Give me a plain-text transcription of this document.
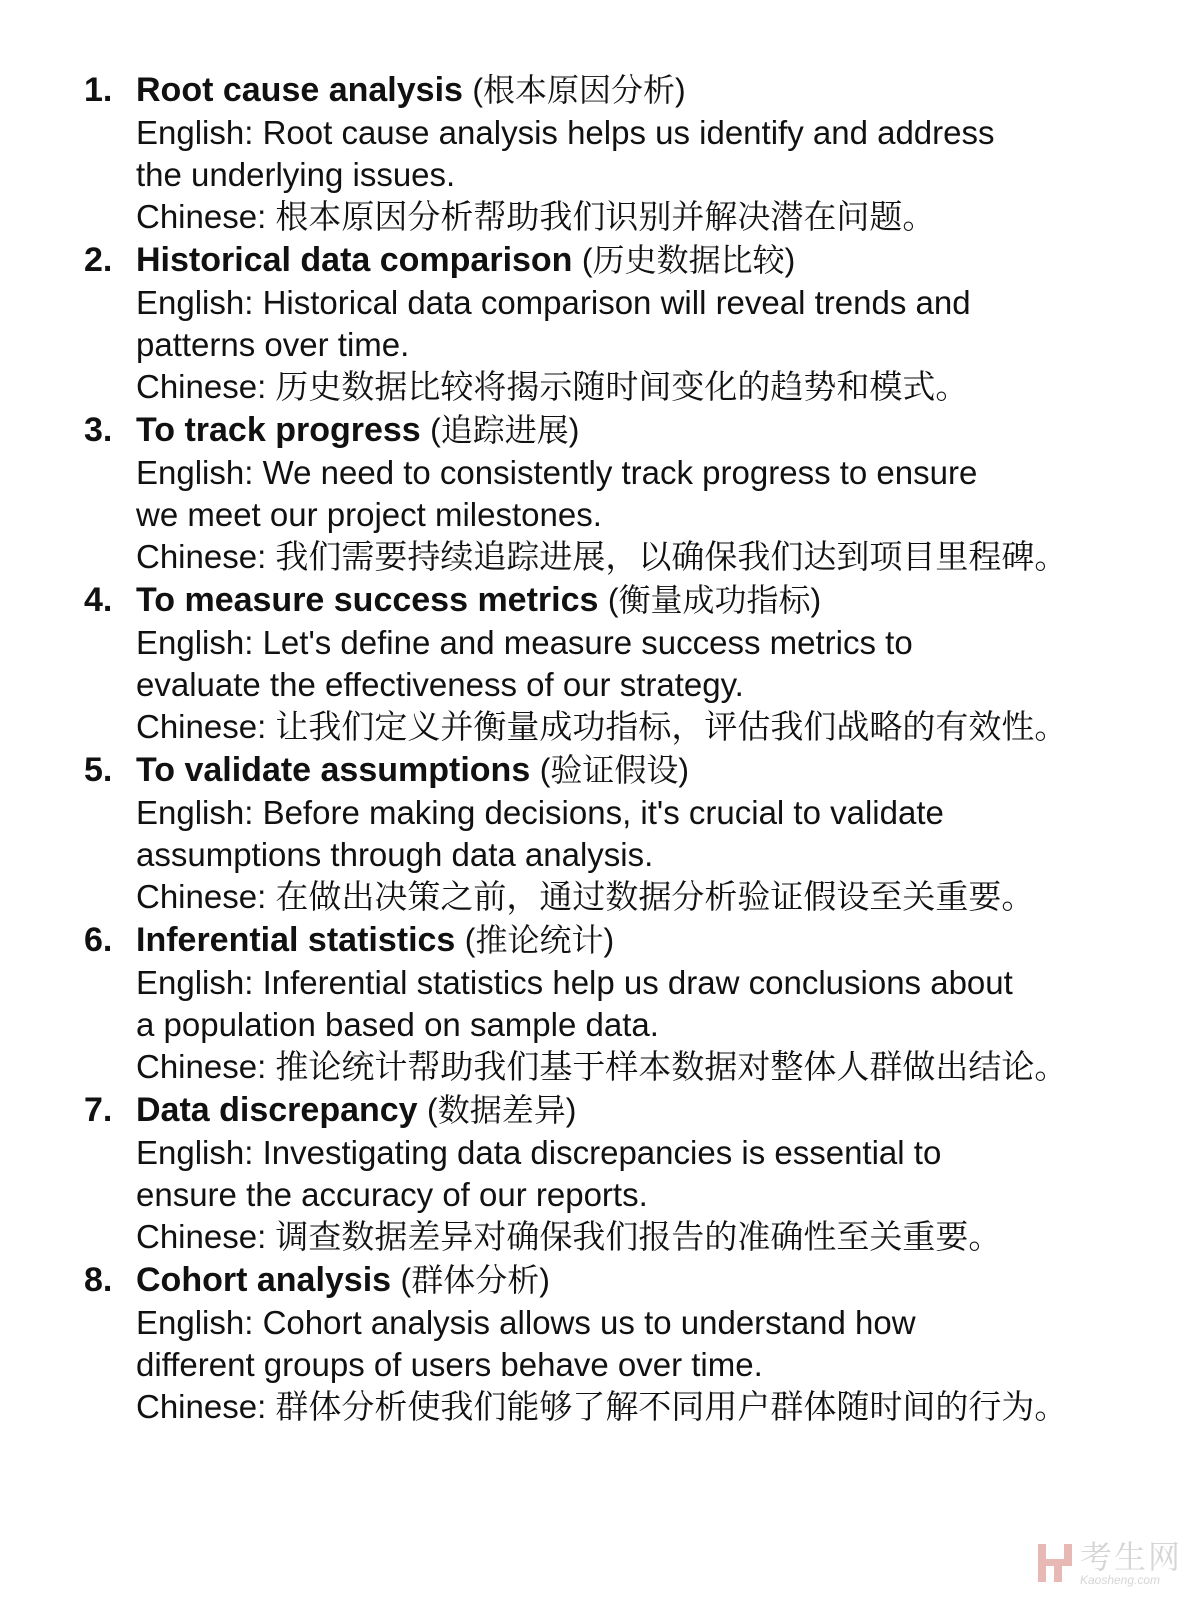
1. Root cause analysis (根本原因分析)

English: Root cause analysis helps us identify and address

the underlying issues.

Chinese: 根本原因分析帮助我们识别并解决潜在问题。

2. Historical data comparison (历史数据比较)

English: Historical data comparison will reveal trends and

patterns over time.

Chinese: 历史数据比较将揭示随时间变化的趋势和模式。

3. To track progress (追踪进展)

English: We need to consistently track progress to ensure

we meet our project milestones.

Chinese: 我们需要持续追踪进展，以确保我们达到项目里程碑。

4. To measure success metrics (衡量成功指标)

English: Let's define and measure success metrics to

evaluate the effectiveness of our strategy.

Chinese: 让我们定义并衡量成功指标，评估我们战略的有效性。

5. To validate assumptions (验证假设)

English: Before making decisions, it's crucial to validate

assumptions through data analysis.

Chinese: 在做出决策之前，通过数据分析验证假设至关重要。

6. Inferential statistics (推论统计)

English: Inferential statistics help us draw conclusions about

a population based on sample data.

Chinese: 推论统计帮助我们基于样本数据对整体人群做出结论。

7. Data discrepancy (数据差异)

English: Investigating data discrepancies is essential to

ensure the accuracy of our reports.

Chinese: 调查数据差异对确保我们报告的准确性至关重要。

8. Cohort analysis (群体分析)

English: Cohort analysis allows us to understand how

different groups of users behave over time.

Chinese: 群体分析使我们能够了解不同用户群体随时间的行为。

考生网
Kaosheng.com
